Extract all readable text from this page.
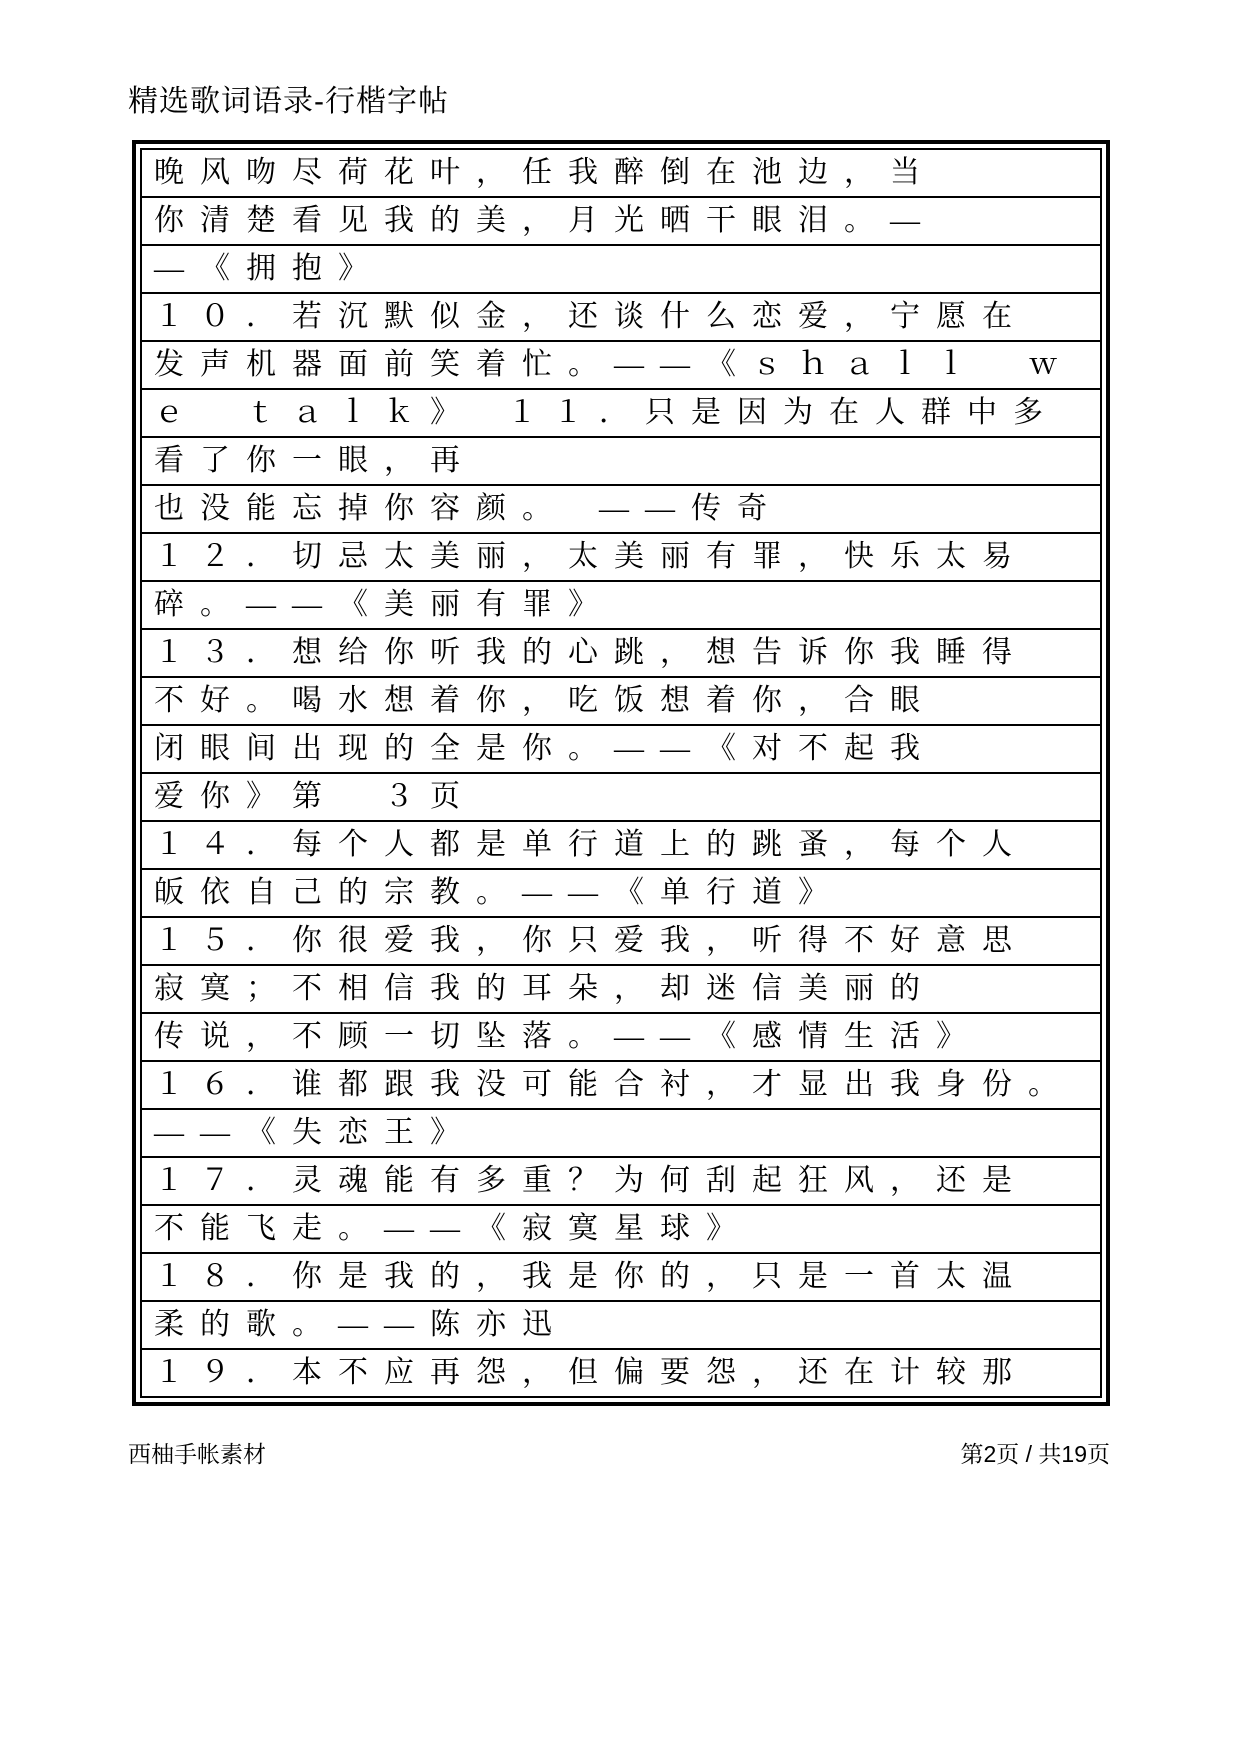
精选歌词语录-行楷字帖
晚风吻尽荷花叶，任我醉倒在池边，当
你清楚看见我的美，月光晒干眼泪。—
—《拥抱》
１０．若沉默似金，还谈什么恋爱，宁愿在
发声机器面前笑着忙。——《ｓｈａｌｌ　ｗ
ｅ　ｔａｌｋ》　１１．只是因为在人群中多
看了你一眼，再
也没能忘掉你容颜。　——传奇
１２．切忌太美丽，太美丽有罪，快乐太易
碎。——《美丽有罪》
１３．想给你听我的心跳，想告诉你我睡得
不好。喝水想着你，吃饭想着你，合眼
闭眼间出现的全是你。——《对不起我
爱你》第　３页
１４．每个人都是单行道上的跳蚤，每个人
皈依自己的宗教。——《单行道》
１５．你很爱我，你只爱我，听得不好意思
寂寞；不相信我的耳朵，却迷信美丽的
传说，不顾一切坠落。——《感情生活》
１６．谁都跟我没可能合衬，才显出我身份。
——《失恋王》
１７．灵魂能有多重？为何刮起狂风，还是
不能飞走。——《寂寞星球》
１８．你是我的，我是你的，只是一首太温
柔的歌。——陈亦迅
１９．本不应再怨，但偏要怨，还在计较那
西柚手帐素材	第2页 / 共19页
